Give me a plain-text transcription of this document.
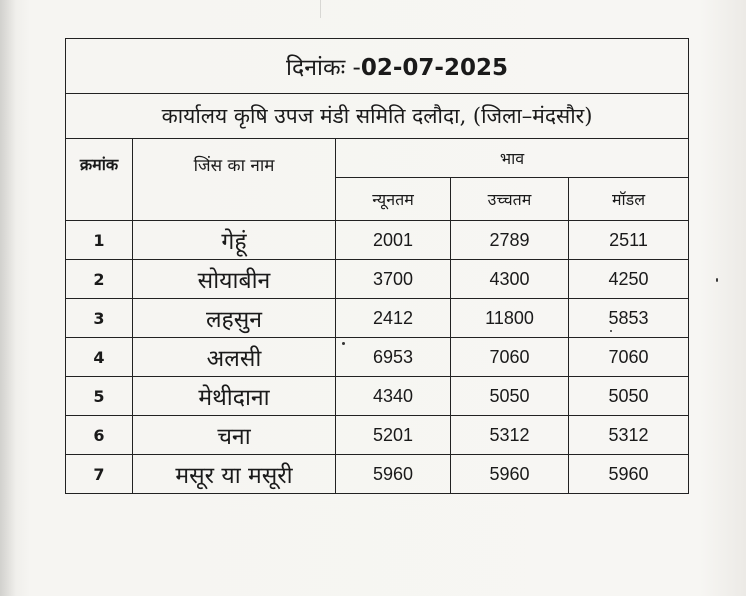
दिनांकः -02-07-2025				
कार्यालय कृषि उपज मंडी समिति दलौदा, (जिला–मंदसौर)				
क्रमांक	जिंस का नाम	भाव		
		न्यूनतम	उच्चतम	मॉडल
1	गेहूं	2001	2789	2511
2	सोयाबीन	3700	4300	4250
3	लहसुन	2412	11800	5853
4	अलसी	6953	7060	7060
5	मेथीदाना	4340	5050	5050
6	चना	5201	5312	5312
7	मसूर या मसूरी	5960	5960	5960
